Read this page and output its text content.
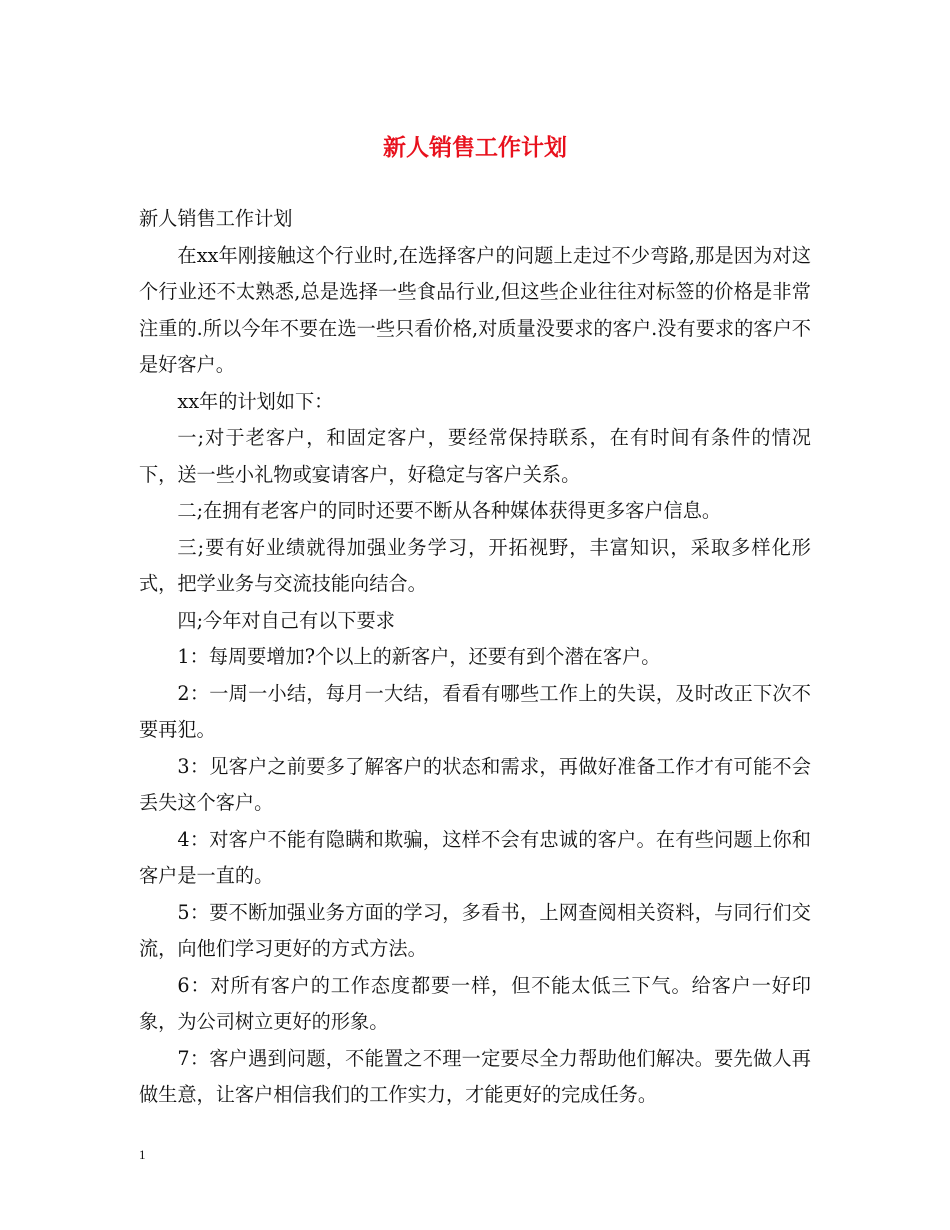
新人销售工作计划

新人销售工作计划

在xx年刚接触这个行业时,在选择客户的问题上走过不少弯路,那是因为对这个行业还不太熟悉,总是选择一些食品行业,但这些企业往往对标签的价格是非常注重的.所以今年不要在选一些只看价格,对质量没要求的客户.没有要求的客户不是好客户。

xx年的计划如下：

一;对于老客户，和固定客户，要经常保持联系，在有时间有条件的情况下，送一些小礼物或宴请客户，好稳定与客户关系。

二;在拥有老客户的同时还要不断从各种媒体获得更多客户信息。

三;要有好业绩就得加强业务学习，开拓视野，丰富知识，采取多样化形式，把学业务与交流技能向结合。

四;今年对自己有以下要求

1：每周要增加?个以上的新客户，还要有到个潜在客户。

2：一周一小结，每月一大结，看看有哪些工作上的失误，及时改正下次不要再犯。

3：见客户之前要多了解客户的状态和需求，再做好准备工作才有可能不会丢失这个客户。

4：对客户不能有隐瞒和欺骗，这样不会有忠诚的客户。在有些问题上你和客户是一直的。

5：要不断加强业务方面的学习，多看书，上网查阅相关资料，与同行们交流，向他们学习更好的方式方法。

6：对所有客户的工作态度都要一样，但不能太低三下气。给客户一好印象，为公司树立更好的形象。

7：客户遇到问题，不能置之不理一定要尽全力帮助他们解决。要先做人再做生意，让客户相信我们的工作实力，才能更好的完成任务。

1
